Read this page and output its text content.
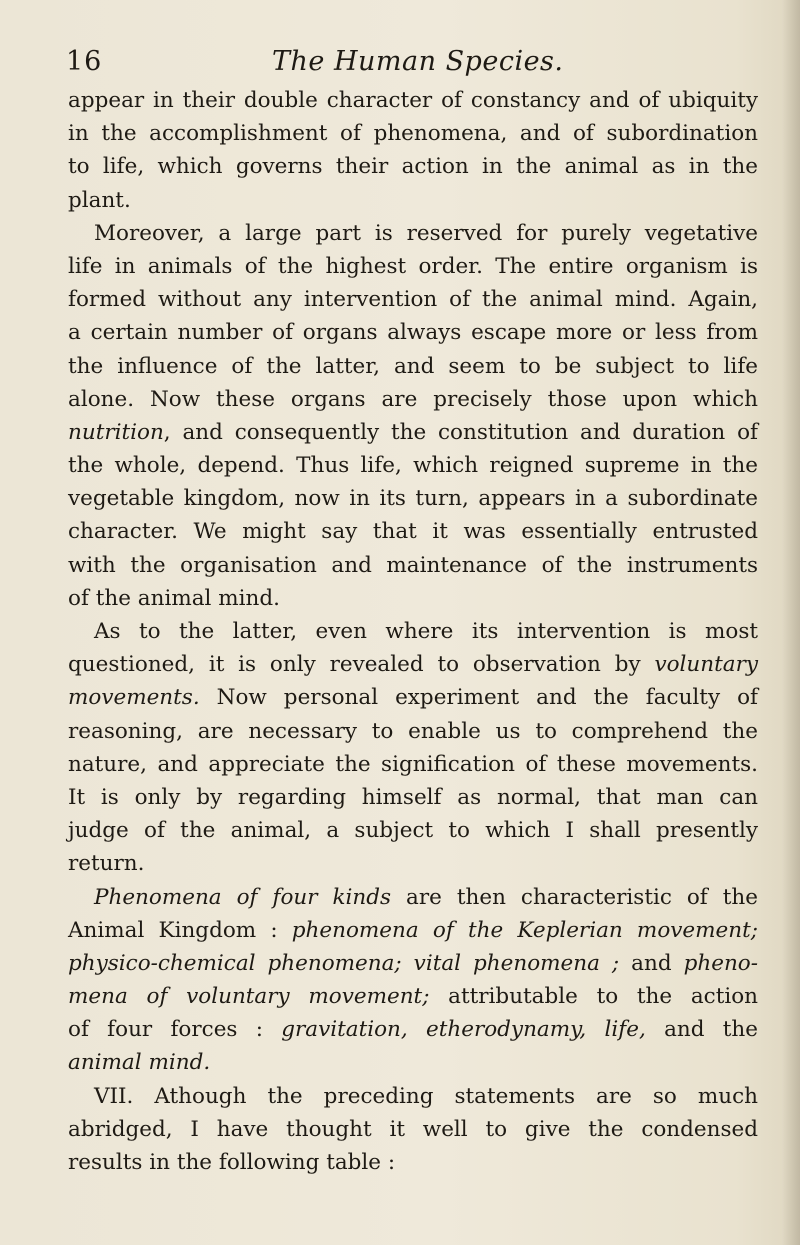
16	The Human Species.
appear in their double character of constancy and of ubiquity
in the accomplishment of phenomena, and of subordination
to life, which governs their action in the animal as in the
plant.
Moreover, a large part is reserved for purely vegetative
life in animals of the highest order. The entire organism is
formed without any intervention of the animal mind. Again,
a certain number of organs always escape more or less from
the influence of the latter, and seem to be subject to life
alone. Now these organs are precisely those upon which
nutrition, and consequently the constitution and duration of
the whole, depend. Thus life, which reigned supreme in the
vegetable kingdom, now in its turn, appears in a subordinate
character. We might say that it was essentially entrusted
with the organisation and maintenance of the instruments
of the animal mind.
As to the latter, even where its intervention is most
questioned, it is only revealed to observation by voluntary
movements. Now personal experiment and the faculty of
reasoning, are necessary to enable us to comprehend the
nature, and appreciate the signification of these movements.
It is only by regarding himself as normal, that man can
judge of the animal, a subject to which I shall presently
return.
Phenomena of four kinds are then characteristic of the
Animal Kingdom : phenomena of the Keplerian movement;
physico-chemical phenomena; vital phenomena ; and pheno-
mena of voluntary movement; attributable to the action
of four forces : gravitation, etherodynamy, life, and the
animal mind.
VII. Athough the preceding statements are so much
abridged, I have thought it well to give the condensed
results in the following table :
